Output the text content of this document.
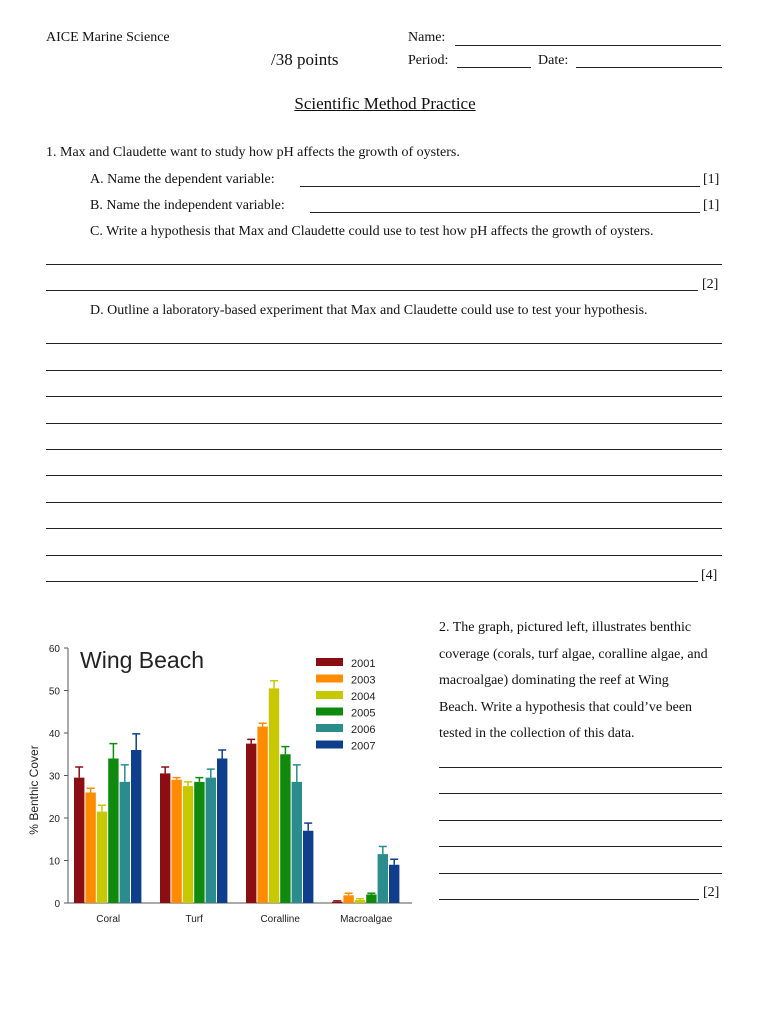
AICE Marine Science
/38 points
Name:
Period:	Date:
Scientific Method Practice
1. Max and Claudette want to study how pH affects the growth of oysters.
A. Name the dependent variable:	[1]
B. Name the independent variable:	[1]
C. Write a hypothesis that Max and Claudette could use to test how pH affects the growth of oysters.
[2]
D. Outline a laboratory-based experiment that Max and Claudette could use to test your hypothesis.
[4]
2. The graph, pictured left, illustrates benthic
coverage (corals, turf algae, coralline algae, and
macroalgae) dominating the reef at Wing
Beach. Write a hypothesis that could’ve been
tested in the collection of this data.
[2]
Wing Beach
% Benthic Cover
0
10
20
30
40
50
60
Coral	Turf	Coralline	Macroalgae
2001
2003
2004
2005
2006
2007
